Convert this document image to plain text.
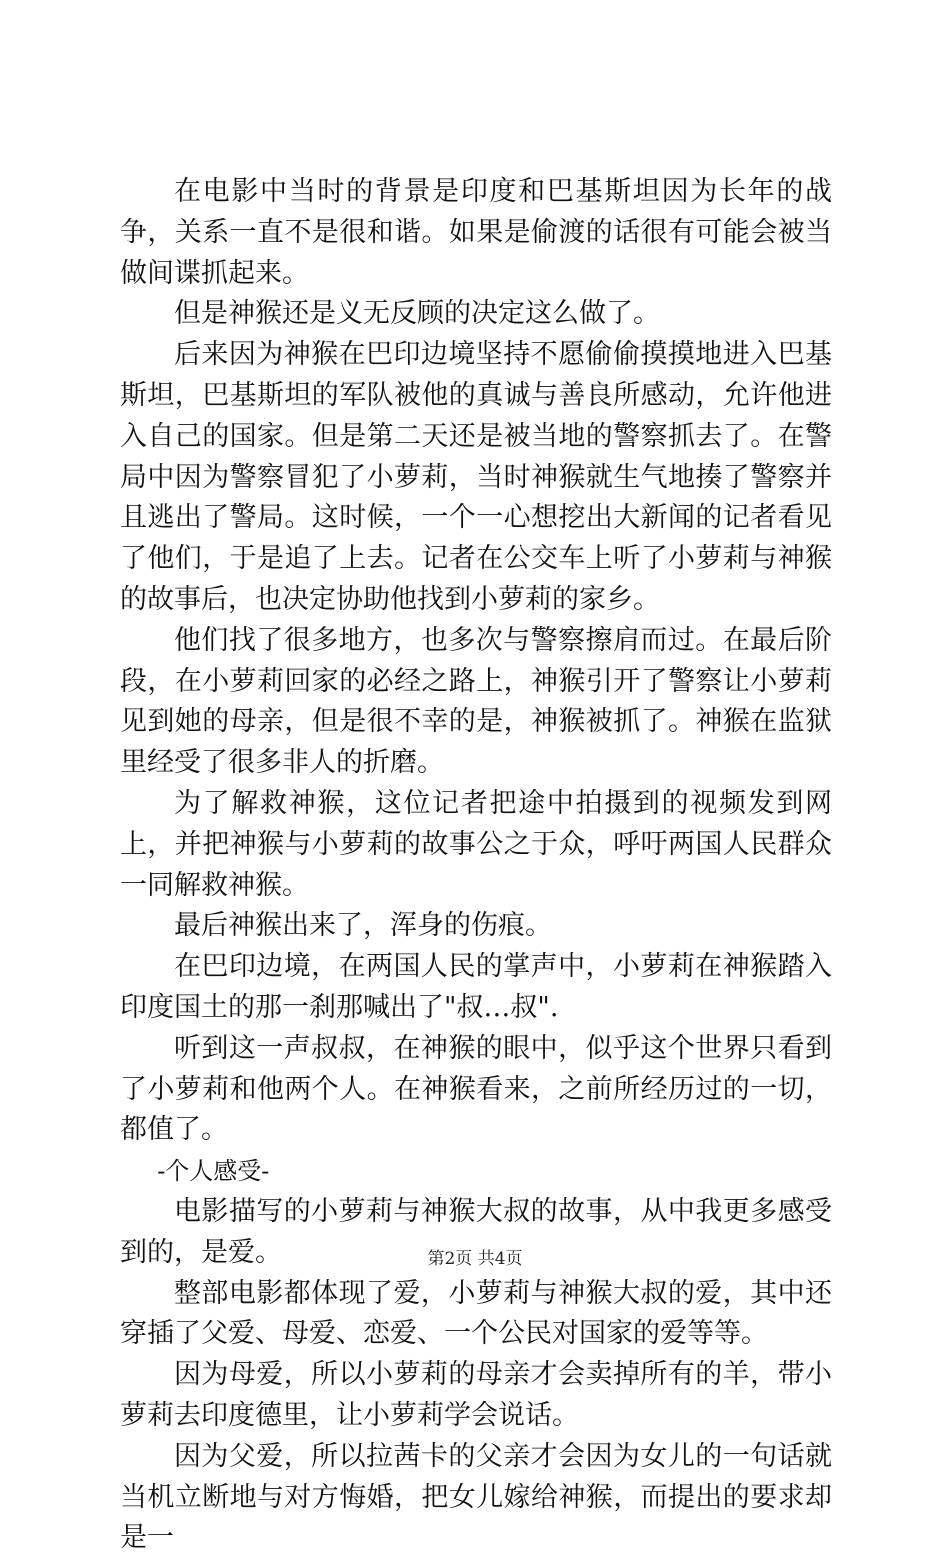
在电影中当时的背景是印度和巴基斯坦因为长年的战争，关系一直不是很和谐。如果是偷渡的话很有可能会被当做间谍抓起来。

但是神猴还是义无反顾的决定这么做了。

后来因为神猴在巴印边境坚持不愿偷偷摸摸地进入巴基斯坦，巴基斯坦的军队被他的真诚与善良所感动，允许他进入自己的国家。但是第二天还是被当地的警察抓去了。在警局中因为警察冒犯了小萝莉，当时神猴就生气地揍了警察并且逃出了警局。这时候，一个一心想挖出大新闻的记者看见了他们，于是追了上去。记者在公交车上听了小萝莉与神猴的故事后，也决定协助他找到小萝莉的家乡。

他们找了很多地方，也多次与警察擦肩而过。在最后阶段，在小萝莉回家的必经之路上，神猴引开了警察让小萝莉见到她的母亲，但是很不幸的是，神猴被抓了。神猴在监狱里经受了很多非人的折磨。

为了解救神猴，这位记者把途中拍摄到的视频发到网上，并把神猴与小萝莉的故事公之于众，呼吁两国人民群众一同解救神猴。

最后神猴出来了，浑身的伤痕。

在巴印边境，在两国人民的掌声中，小萝莉在神猴踏入印度国土的那一刹那喊出了"叔…叔".

听到这一声叔叔，在神猴的眼中，似乎这个世界只看到了小萝莉和他两个人。在神猴看来，之前所经历过的一切，都值了。

-个人感受-

电影描写的小萝莉与神猴大叔的故事，从中我更多感受到的，是爱。

整部电影都体现了爱，小萝莉与神猴大叔的爱，其中还穿插了父爱、母爱、恋爱、一个公民对国家的爱等等。

因为母爱，所以小萝莉的母亲才会卖掉所有的羊，带小萝莉去印度德里，让小萝莉学会说话。

因为父爱，所以拉茜卡的父亲才会因为女儿的一句话就当机立断地与对方悔婚，把女儿嫁给神猴，而提出的要求却是一

第2页 共4页
